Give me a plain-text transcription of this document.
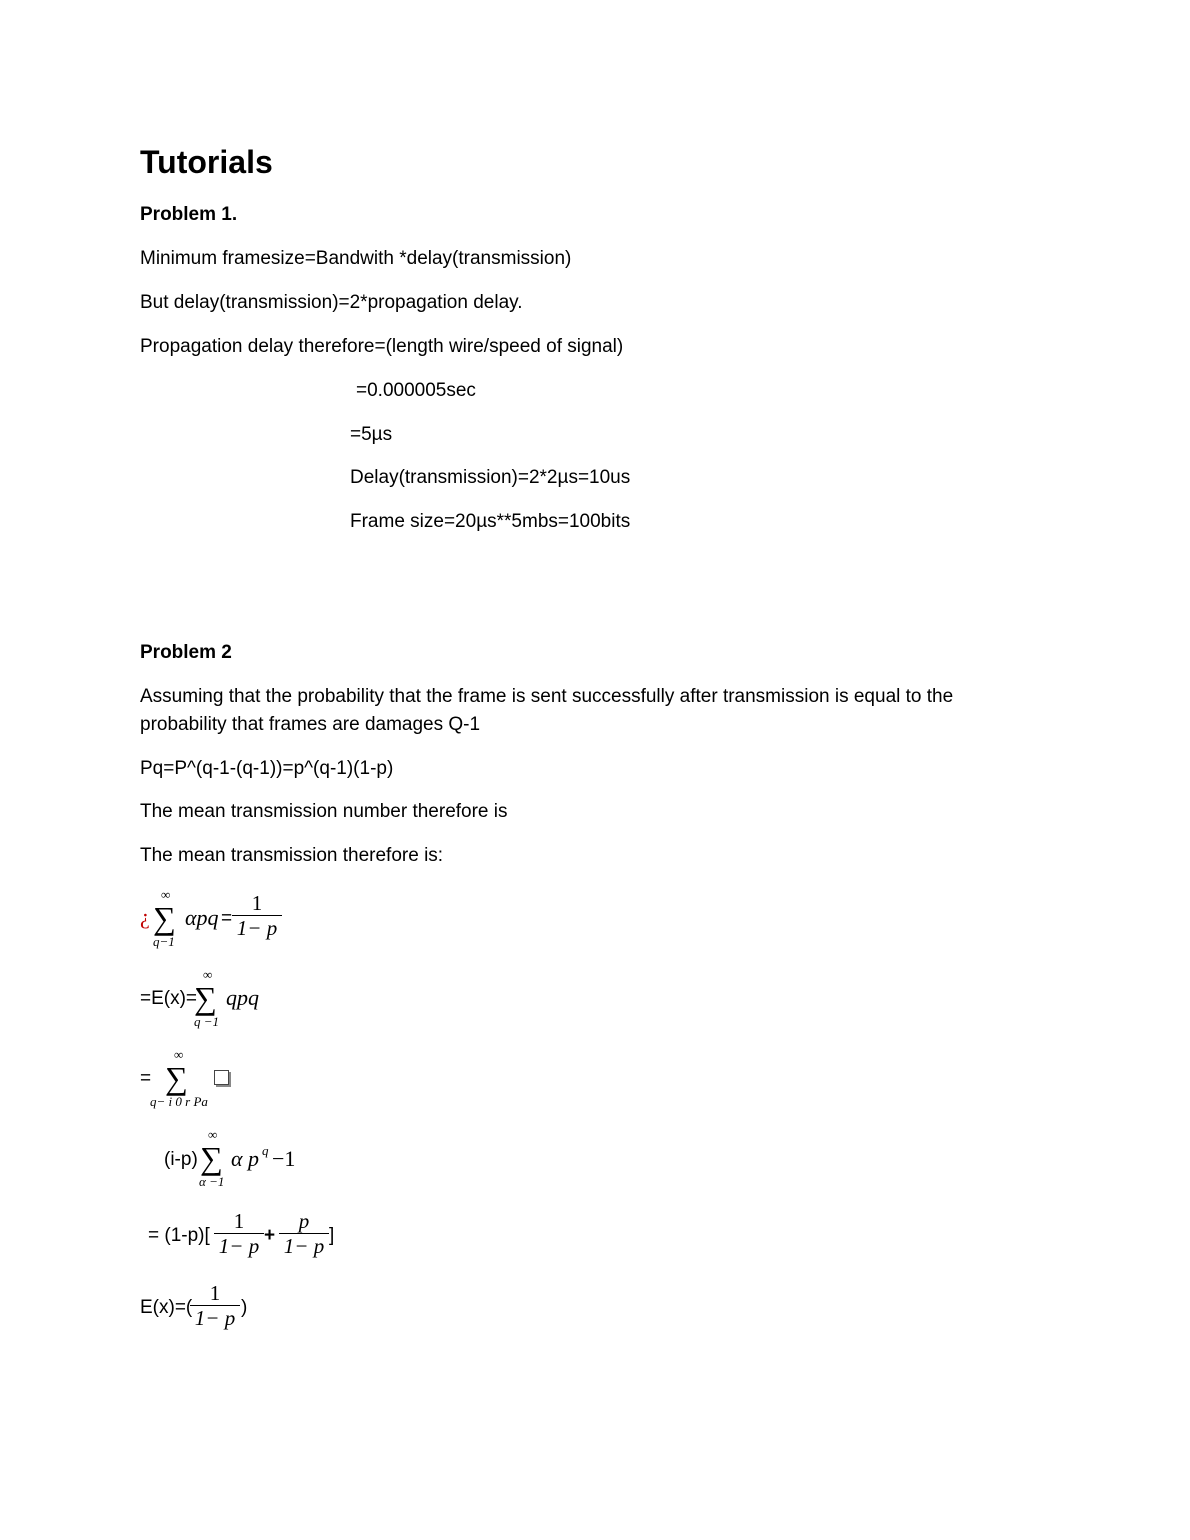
Tutorials
Problem 1.
Minimum framesize=Bandwith *delay(transmission)
But delay(transmission)=2*propagation delay.
Propagation delay therefore=(length wire/speed of signal)
=0.000005sec
=5µs
Delay(transmission)=2*2µs=10us
Frame size=20µs**5mbs=100bits
Problem 2
Assuming that the probability that the frame is sent successfully after transmission is equal to the
probability that frames are damages Q-1
Pq=P^(q-1-(q-1))=p^(q-1)(1-p)
The mean transmission number therefore is
The mean transmission therefore is:
¿
∞
∑
q−1
αpq =
1
1− p
=E(x)=
∞
∑
q −1
qpq
=
∞
∑
q− i 0 r Pa
(i-p)
∞
∑
α −1
α p q −1
= (1-p)[
1
1− p +
p
1− p ]
E(x)=(
1
1− p )
